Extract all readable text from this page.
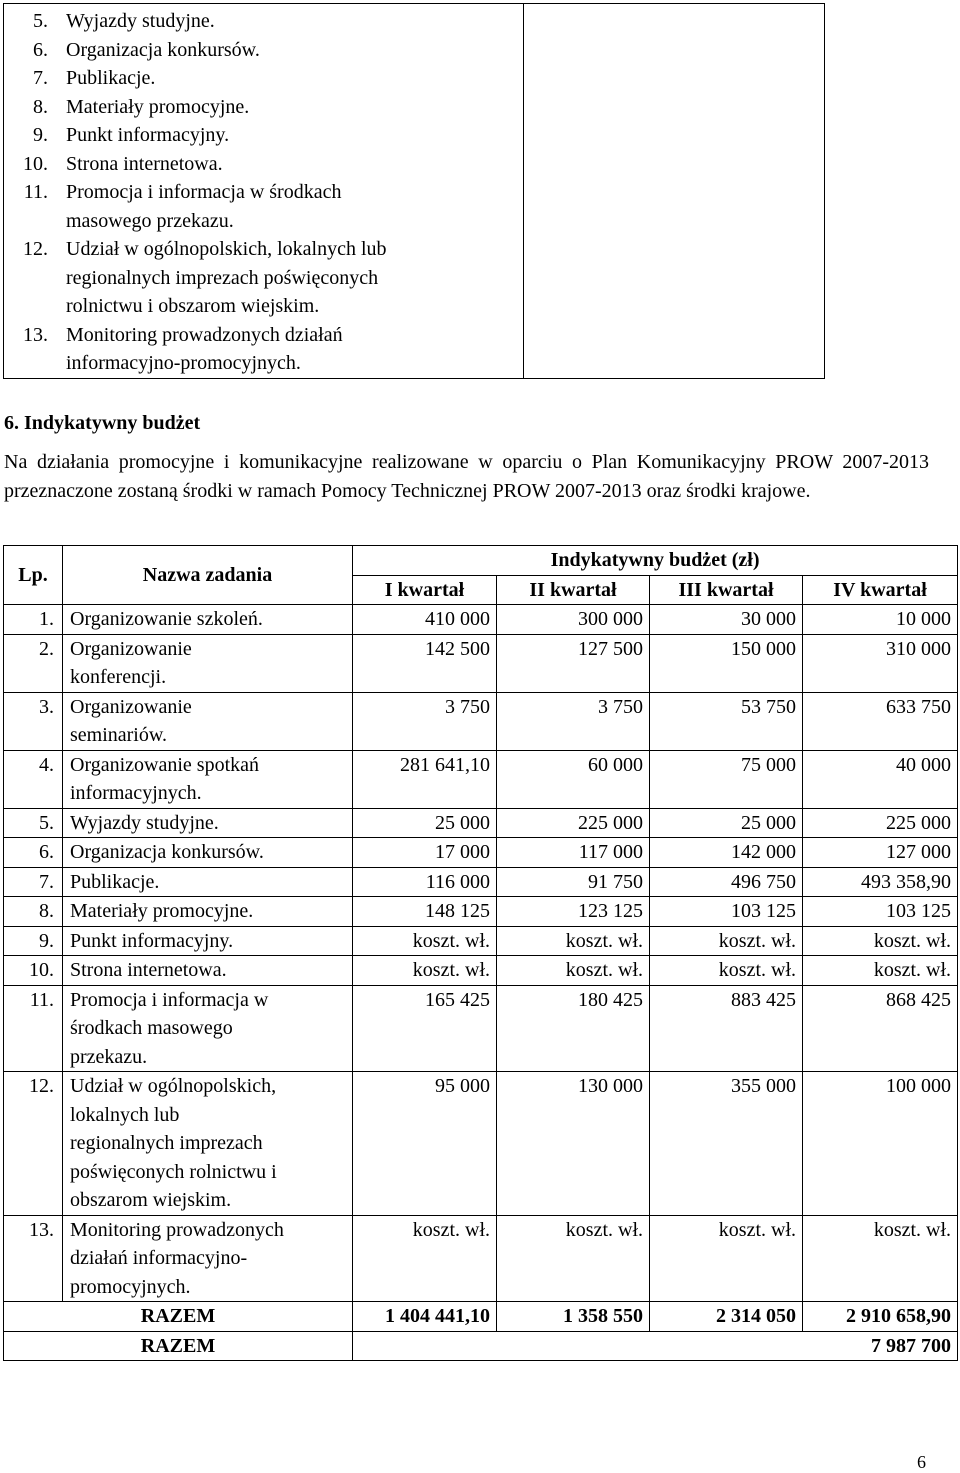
5. Wyjazdy studyjne.
6. Organizacja konkursów.
7. Publikacje.
8. Materiały promocyjne.
9. Punkt informacyjny.
10. Strona internetowa.
11. Promocja i informacja w środkach
masowego przekazu.
12. Udział w ogólnopolskich, lokalnych lub
regionalnych imprezach poświęconych
rolnictwu i obszarom wiejskim.
13. Monitoring prowadzonych działań
informacyjno-promocyjnych.
6. Indykatywny budżet
Na działania promocyjne i komunikacyjne realizowane w oparciu o Plan Komunikacyjny PROW 2007-2013 przeznaczone zostaną środki w ramach Pomocy Technicznej PROW 2007-2013 oraz środki krajowe.
Lp.	Nazwa zadania	Indykatywny budżet (zł)			
		I kwartał	II kwartał	III kwartał	IV kwartał
1.	Organizowanie szkoleń.	410 000	300 000	30 000	10 000
2.	Organizowanie
konferencji.	142 500	127 500	150 000	310 000
3.	Organizowanie
seminariów.	3 750	3 750	53 750	633 750
4.	Organizowanie spotkań
informacyjnych.	281 641,10	60 000	75 000	40 000
5.	Wyjazdy studyjne.	25 000	225 000	25 000	225 000
6.	Organizacja konkursów.	17 000	117 000	142 000	127 000
7.	Publikacje.	116 000	91 750	496 750	493 358,90
8.	Materiały promocyjne.	148 125	123 125	103 125	103 125
9.	Punkt informacyjny.	koszt. wł.	koszt. wł.	koszt. wł.	koszt. wł.
10.	Strona internetowa.	koszt. wł.	koszt. wł.	koszt. wł.	koszt. wł.
11.	Promocja i informacja w
środkach masowego
przekazu.	165 425	180 425	883 425	868 425
12.	Udział w ogólnopolskich,
lokalnych lub
regionalnych imprezach
poświęconych rolnictwu i
obszarom wiejskim.	95 000	130 000	355 000	100 000
13.	Monitoring prowadzonych
działań informacyjno-
promocyjnych.	koszt. wł.	koszt. wł.	koszt. wł.	koszt. wł.
RAZEM		1 404 441,10	1 358 550	2 314 050	2 910 658,90
RAZEM		7 987 700			
6
